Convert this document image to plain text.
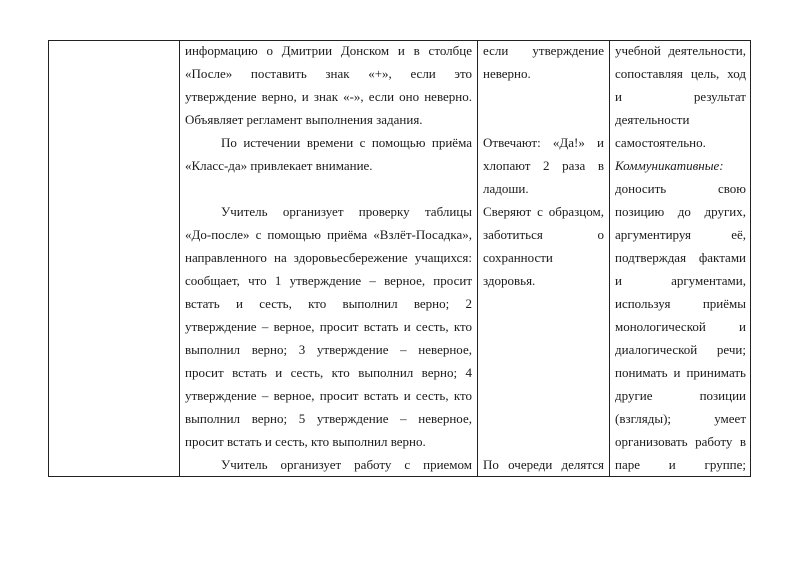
информацию о Дмитрии Донском и в столбце
«После» поставить знак «+», если это
утверждение верно, и знак «-», если оно неверно.
Объявляет регламент выполнения задания.
По истечении времени с помощью приёма
«Класс-да» привлекает внимание.
Учитель организует проверку таблицы
«До-после» с помощью приёма «Взлёт-Посадка»,
направленного на здоровьесбережение учащихся:
сообщает, что 1 утверждение – верное, просит
встать и сесть, кто выполнил верно; 2
утверждение – верное, просит встать и сесть, кто
выполнил верно; 3 утверждение – неверное,
просит встать и сесть, кто выполнил верно; 4
утверждение – верное, просит встать и сесть, кто
выполнил верно; 5 утверждение – неверное,
просит встать и сесть, кто выполнил верно.
Учитель организует работу с приемом
если утверждение
неверно.
Отвечают: «Да!» и
хлопают 2 раза в
ладоши.
Сверяют с образцом,
заботиться о
сохранности
здоровья.
По очереди делятся
учебной деятельности,
сопоставляя цель, ход
и результат
деятельности
самостоятельно.
Коммуникативные:
доносить свою
позицию до других,
аргументируя её,
подтверждая фактами
и аргументами,
используя приёмы
монологической и
диалогической речи;
понимать и принимать
другие позиции
(взгляды); умеет
организовать работу в
паре и группе;
